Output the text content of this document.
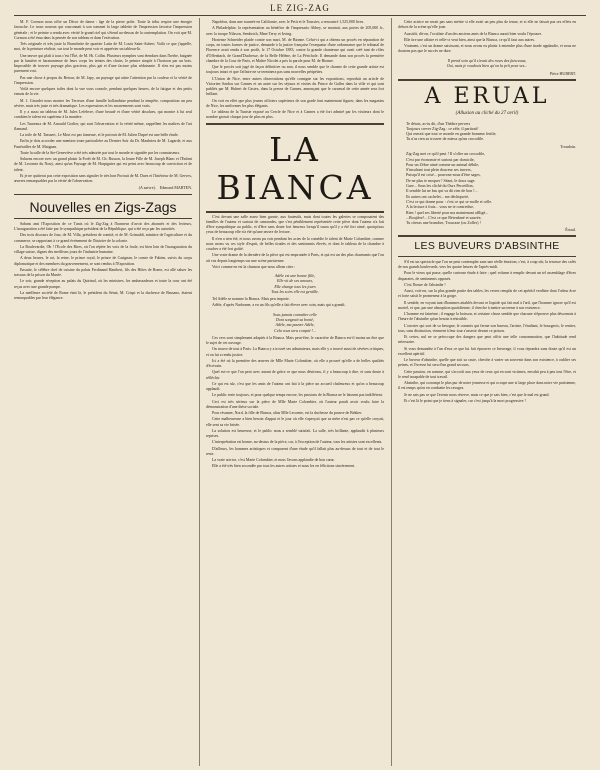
LE ZIG-ZAG

M. F. Cormon nous offre un Décor de danse : âge de la pierre polie. Toute la tribu respire une énergie farouche. Le tronc noueux qui couronnait à son sommet la large tablette de l'impression favorise l'impression générale ; et le peintre a rendu avec vérité le grand ciel qui s'étend au-dessus de la contemplation. On voit que M. Cormon a été ému dans la pensée de son tableau et dans l'exécution.

Très originale et très juste la Branchette de quartier Latin de M. Louis Saint-Aubert. Voilà ce que j'appelle, moi, de la peinture réaliste, sur tout le monde peut voir et apprécier un tableau-là.

Une œuvre qui plaît à tous c'est l'Été, de M. Hi. Collin. Plusieurs nymphes sont étendues dans l'herbe, baignée par la lumière et harmonieuse de leurs corps les teintes des chairs, le peintre simple à l'horizon par un bois. Impossible de trouver paysage plus gracieux, plus gai et d'une facture plus séduisante. Il n'en est pas moins purement vrai.

Pas une chose à propos du Retour, de M. Japy, un paysage qui attire l'attention par la couleur et la vérité de l'impression.

Voilà encore quelques toiles dont la vue vous console, pendant quelques heures, de la fatigue et des petits ennuis de la vie.

M. J. Girardet nous montre les Terreurs d'une famille hollandaise pendant la tempête, composition un peu sévère, mais très juste et très dramatique. Les expressions et les mouvements sont vrais.

Il y a aussi un tableau de M. Jules Lefebvre, d'une beauté et d'une vérité absolues, qui montre à lui seul combien le talent est supérieur à la manière.

Les Taureaux de M. Arnauld Gorlier, qui sont l'observation et la vérité même, rappellent les maîtres de l'art flamand.

La toile de M. Tassaert, Le Mort est pas fameuse, et le portrait de M. Julien Dupré est une belle étude.

Enfin je dois accorder une mention toute particulière au Dernier Soir du Dr. Maubrieu de M. Lagarde, et aux Funérailles de M. Maignan.

Toute la salle de la Ste-Geneviève a été très admirée par tout le monde et signalée par les connaisseurs.

Saluons encore avec un grand plaisir la Forêt de M. Ch. Busson, la Jeune Fille de M. Joseph Blanc et l'Enfant de M. Lecomte du Nouÿ, ainsi qu'un Paysage de M. Harpignies qui est peint avec beaucoup de conviction et de talent.

Et je ne quitterai pas cette exposition sans signaler le très bon Portrait de M. Duez et l'Intérieur de M. Gervex, œuvres remarquables par la vérité de l'observation.

(A suivre). Edmond MARTEN.

Nouvelles en Zigs-Zags

Sabans ami l'Exposition de ce Tunis où le Zig-Zag à l'honneur d'avoir des abonnés et des lecteurs, L'inauguration a été faite par le sympathique président de la République, qui a été reçu par les autorités.

Des trois discours de Jour, de M. Villa, président de comité, et de M. Grimaldi, ministre de l'agriculture et du commerce, se rapportant à ce grand événement de l'histoire de la colonie.

La Boulevardie, Oh ! l'Ecole des Rires, où l'on répète les voix de la foule, est bien loin de l'inauguration du village suisse, dignes des meilleurs jours de l'industrie humaine.

A deux heures, le roi, la reine, le prince royal, le prince de Carignan, le comte de Fabien, suivis du corps diplomatique et des membres du gouvernement, se sont rendus à l'Exposition.

Ensuite, le célèbre chef de cuisine du palais Ferdinand Hanibert, fils des Hôtes de Rome, est allé saluer les travaux de la prison du Musée.

Le soir, grande réception au palais du Quirinal, où les ministres, les ambassadeurs et toute la cour ont été reçus avec une grande pompe.

La meilleure société de Rome était là, le président du Sénat, M. Crispi et la duchesse de Bassano, étaient remarquables par leur élégance.

Napoléon, dans une tournée en Californie, avec le Petit et le Toursier, a rencontré 1,525,000 lives.

A Philadelphie, la représentation au bénéfice de l'impresario Abbey, se montait, aux portes de 205,000 fr., avec la troupe Nilsson, Sembrich, Mme Terry et Irving.

Hortense Schneider plaide contre son mari, M. de Bionne. Celui-ci qui a obtenu un procès en séparation de corps, en toutes formes de justice, demande à la justice française l'exequatur d'une ordonnance que le tribunal de Florence avait rendu à son profit, le 17 Octobre 1883, contre la grande chanteuse qui avait créé tant de rôles d'Offenbach, de Grand'Duchesse, de la Belle Hélène, de La Périchole. Il demande dans son procès la première chambre de la Cour de Paris, et Maître Nicolet a pris la parole pour M. de Bionne.

Que le procès soit jugé de façon définitive ou non, il nous semble que le charme de cette grande artiste est toujours intact et que l'affaire ne se terminera pas sans nouvelles péripéties.

L'Union de Nice, entre autres observations qu'elle consigne sur les expositions, reproduit un article de Victorien Sardou sur Cannes et un autre sur les séjours et visites du Prince de Galles dans la ville et qui sont publiés par M. Hubert de Castex, dans la presse de Cannes, annonçant que le carnaval de cette année sera fort brillant.

On voit en effet que plus jeunes officiers supérieurs de son grade font maintenant figurer, dans les magasins de Nice, les uniformes les plus élégants.

Le tableau de la Tunisie exposé au Cercle de Nice et à Cannes a été fort admiré par les visiteurs dont le nombre grossit chaque jour de plus en plus.

LA BIANCA

C'est devant une salle assez bien garnie, aux fauteuils, mais dont toutes les galeries se composaient des familles de l'auteur et surtout de camarades, que s'est péniblement représentée cette pièce dont l'auteur n'a fait d'être sympathique au public, et d'être sans doute fort heureux lorsqu'il saura qu'il y a été fort aimé, quoiqu'aux yeux de beaucoup elle n'a été qu'une œuvre de lecture.

Il n'en a rien été, et nous avons pu voir pendant les actes de la comédie le talent de Marie Colombier, comme nous avons vu ces style d'esprit, de belles tirades et des sentiments élevés, et dont le tableau de la chambre à coucher a été fort goûté.

Une vraie drame de la dernière de la pièce qui est empruntée à Paris, et qui est un des plus charmants que l'on ait vus depuis longtemps sur une scène parisienne.

Voici comme en est la chanson que nous allons citer :

Adèle est une bonne fille,
Elle vit de ses amours,
Elle change tous les jours
Tous les soirs elle est gentille.

Tel Adèle se nomme la Bianca. Mais peu importe.

Adèle, d'après Narbonne, a eu un fils qu'elle a fait élever avec soin, mais qui a grandi.

Sous jamais connaître celle
Dont songeait sa bonté,
Adèle, ma pauvre Adèle,
Cela vous sera compté !...

Ces vers sont simplement adaptés à la Bianca. Mais peut-être, le caractère de Bianca est-il moins un être que le sujet de cet ouvrage.

On trouve de tout à Paris. La Bianca y a trouvé ses admirateurs, mais elle y a trouvé aussi de sévères critiques, et on lui a rendu justice.

Ici a été où la première des œuvres de Mlle Marie Colombier, où elle a prouvé qu'elle a de belles qualités d'écrivain.

Quel est-ce que l'on peut avec autant de grâce ce que nous désirions, il y a beaucoup à dire, et sans doute à réfléchir.

Ce qui est sûr, c'est que les amis de l'auteur ont fait à la pièce un accueil chaleureux et qu'on a beaucoup applaudi.

Le public reste toujours, et pour quelque temps encore, les passions de la Bianca ne le laissent pas indifférent.

Ceci est très sérieux sur la pièce de Mlle Marie Colombier, où l'auteur paraît avoir voulu faire la démonstration d'une thèse sociale.

Pour résumer, Nord, la fille de Bianca, alias Mlle Lecomte, est la duchesse du pauvre de Bekker.

Cette malheureuse a bien besoin d'appui et le jour où elle s'aperçoit que sa mère n'est pas ce qu'elle croyait, elle sent sa vie brisée.

La solution est heureuse, et le public nous a semblé satisfait. La salle, très brillante, applaudit à plusieurs reprises.

L'interprétation est bonne, au-dessus de la pièce, car, à l'exception de l'auteur, tous les artistes sont excellents.

D'ailleurs, les hommes artistiques et composent d'une étude qu'il fallait plus au-dessus de tout et de tout le reste.

La vraie actrice, c'est Marie Colombier, et nous l'avons applaudie de bon cœur.

Elle a été très bien secondée par tous les autres artistes et nous les en félicitons sincèrement.

Cette actrice ne serait pas sans mérite si elle avait un peu plus de tenue, et si elle ne faisait pas ses effets en dehors de la scène qu'elle joue.

Aussitôt, dit-on, l'oculiste d'un des anciens amis de la Bianca aurait bien voulu l'épouser.

Elle tire une affaire et celle-ci veut bien, ainsi que la Bianca, ce qu'il faut aux autres.

Vraiment, c'est un drame saisissant, et nous avons eu plaisir à entendre plus d'une tirade applaudie, et nous ne doutons pas que le succès ne dure.

Il prend soin qu'il s'avait des roses des faisceaux,
Oui, mais je voudrais bien qu'on la prît pour ses...

Pièce HUBERT.

A ERUAL
(Allusion au cliché du 27 avril)
Te dérais, as-tu dit, d'un Théâtre pervers
Toujours crever Zig-Zag : ce zèle, il partirait!
Qui oserait que tout ce monde en grande honneur fertile,
Tu n'as rien su trouver de mieux qu'un crocodile.

Troudoin.

Zig-Zag met ce qu'il peut ! Il s'offre un crocodile,
C'est par économie et surtout par domicile,
Pour un Zèbre aimé comme un animal débile,
S'insultant tout plein douceur ses travers,
Puisqu'il est crisé... pouvons-nous d'être sages,
De ne plus te moquer ! Séant, le doux sage.
Gare... Sous les cliché du Ours Perceillon,
Il semble lui ne bas qui va dit rien de bon !...
Ils autres ont cachelet... me déchiqueté,
C'est ce qui donne pour : c'est ce qui se molle et celle.
A la lecture à frais... vous ne te contredise,
Rien ! quel ses liberté pour ma maintenant affligé...
...Boujière!... C'est ce que Bérenkmé et sauvée,
Tu citeras une brancher, Troucaze (ou Zoller) !

Ériaul.

LES BUVEURS D'ABSINTHE

S'il est un spectacle que l'on ne peut contempler sans une réelle émotion, c'est, à coup sûr, la terrasse des cafés de nos grands boulevards, vers les quatre heures de l'après-midi.

Pour le vieux qui passe, quelle curieuse étude à faire ; quel volume à remplir devant un tel assemblage d'êtres disparates, de sentiments opposés.

C'est l'heure de l'absinthe !

Aussi, voit-on, sur la plus grande partie des tables, les verres remplis de cet apéritif verdâtre dont l'odeur âcre et forte saisit le promeneur à la gorge.

Il semble, en voyant tant d'hommes attablés devant ce liquide qui fait mal à l'œil, que l'homme ignore qu'il est mortel, et que, par une absorption quotidienne, il cherche à mettre un terme à son existence.

L'homme est fainéant ; il engage la boisson, et certaine classe semble que chacune n'éprouve plus désormais à l'heure de l'absinthe qu'un besoin irrésistible.

L'ouvrier qui sort de sa besogne, le commis qui ferme son bureau, l'artiste, l'étudiant, le bourgeois, le rentier, tous, sans distinction, viennent à leur tour s'asseoir devant ce poison.

Et certes, nul ne se préoccupe des dangers que peut offrir une telle consommation, que l'habitude rend nécessaire.

Si vous demandez à l'un d'eux ce que lui fait éprouver ce breuvage, il vous répondra sans doute qu'il est un excellent apéritif.

Le buveur d'absinthe, quelle que soit sa caste, cherche à varier un souvenir dans son existence, à oublier ses peines, et l'ivresse lui sera d'un grand secours.

Cette passion, en somme, qui s'accroît aux yeux de ceux qui en sont victimes, envahit peu à peu tout l'être, et le rend incapable de tout travail.

Absinthe, qui corrompt le plus pur de notre jeunesse et qui occupe une si large place dans notre vie parisienne, il est temps qu'on en combatte les ravages.

Je ne sais pas ce que l'avenir nous réserve, mais ce que je sais bien, c'est que le mal est grand.

Et c'est là le point que je tiens à signaler, car c'est jusqu'à la mort progressive !
